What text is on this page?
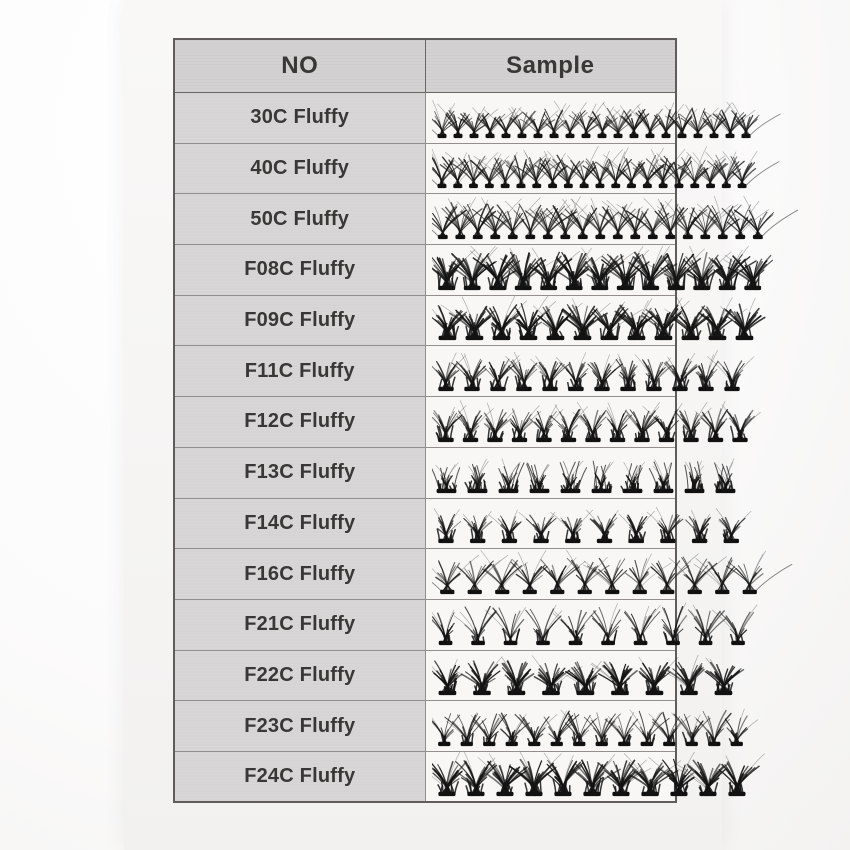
NO	Sample
30C Fluffy	

40C Fluffy	

50C Fluffy	

F08C Fluffy	

F09C Fluffy	

F11C Fluffy	

F12C Fluffy	

F13C Fluffy	

F14C Fluffy	

F16C Fluffy	

F21C Fluffy	

F22C Fluffy	

F23C Fluffy	

F24C Fluffy	
